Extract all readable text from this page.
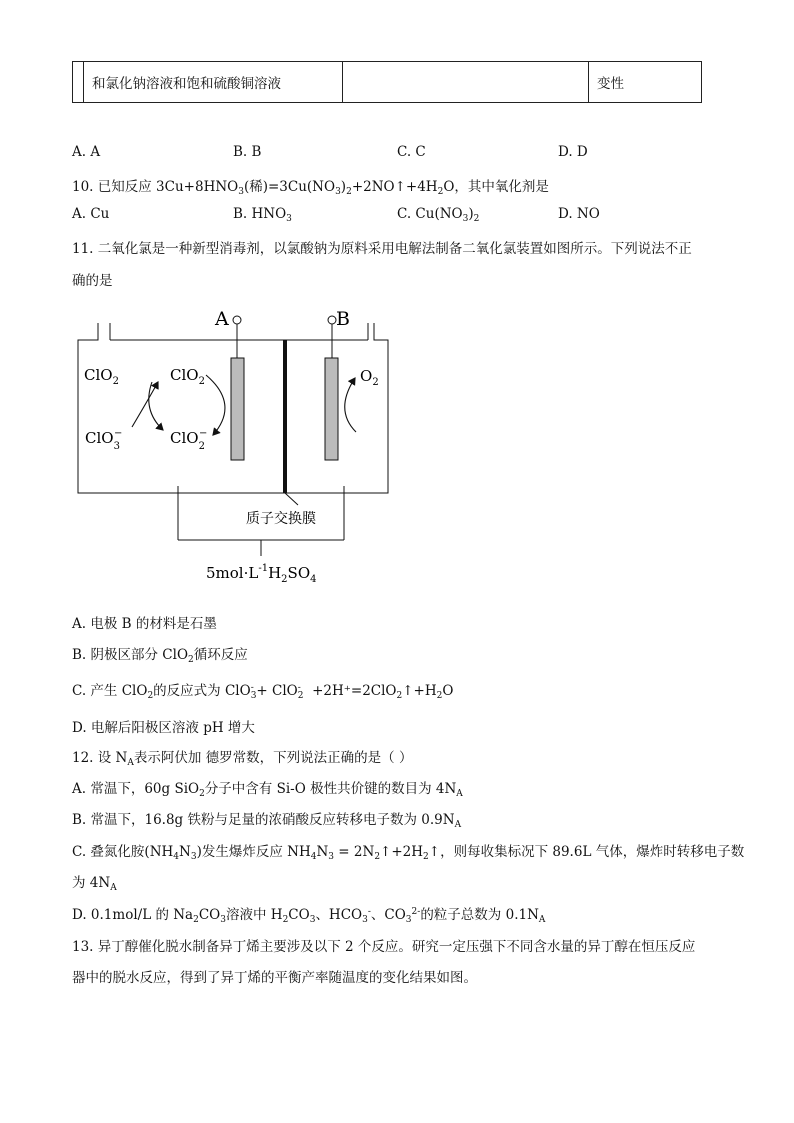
	和氯化钠溶液和饱和硫酸铜溶液		变性
A. A	B. B	C. C	D. D
10. 已知反应 $3Cu+8HNO_3$(稀)$=3Cu(NO_3)_2+2NO↑+4H_2O$，其中氧化剂是
A. Cu	B. $HNO_3$	C. $Cu(NO_3)_2$	D. NO
11. 二氧化氯是一种新型消毒剂，以氯酸钠为原料采用电解法制备二氧化氯装置如图所示。下列说法不正
确的是
A	B
ClO$_2$	ClO$_2$
ClO$_3$−	ClO$_2$−
$O_2$
质子交换膜
$5mol\cdot L^{-1}H_2SO_4$
A. 电极 B 的材料是石墨
B. 阴极区部分 ClO$_2$循环反应
C. 产生 ClO$_2$的反应式为 ClO -
3 + ClO -
$2 +2H^+=2ClO_2↑+H_2O$
D. 电解后阳极区溶液 pH 增大
12. 设 $N_A$表示阿伏加 德罗常数，下列说法正确的是（ ）
A. 常温下，60g SiO$_2$分子中含有 Si-O 极性共价键的数目为 $4N_A$
B. 常温下，16.8g 铁粉与足量的浓硝酸反应转移电子数为 $0.9N_A$
C. 叠氮化胺$(NH_4N_3)$发生爆炸反应 $NH_4N_3$ = $2N_2↑+2H_2↑$，则每收集标况下 89.6L 气体，爆炸时转移电子数
为 $4N_A$
D. 0.1mol/L 的 $Na_2CO_3$溶液中 $H_2CO_3$、$HCO_3^-$、$CO_3^{2-}$的粒子总数为 $0.1N_A$
13. 异丁醇催化脱水制备异丁烯主要涉及以下 2 个反应。研究一定压强下不同含水量的异丁醇在恒压反应
器中的脱水反应，得到了异丁烯的平衡产率随温度的变化结果如图。
